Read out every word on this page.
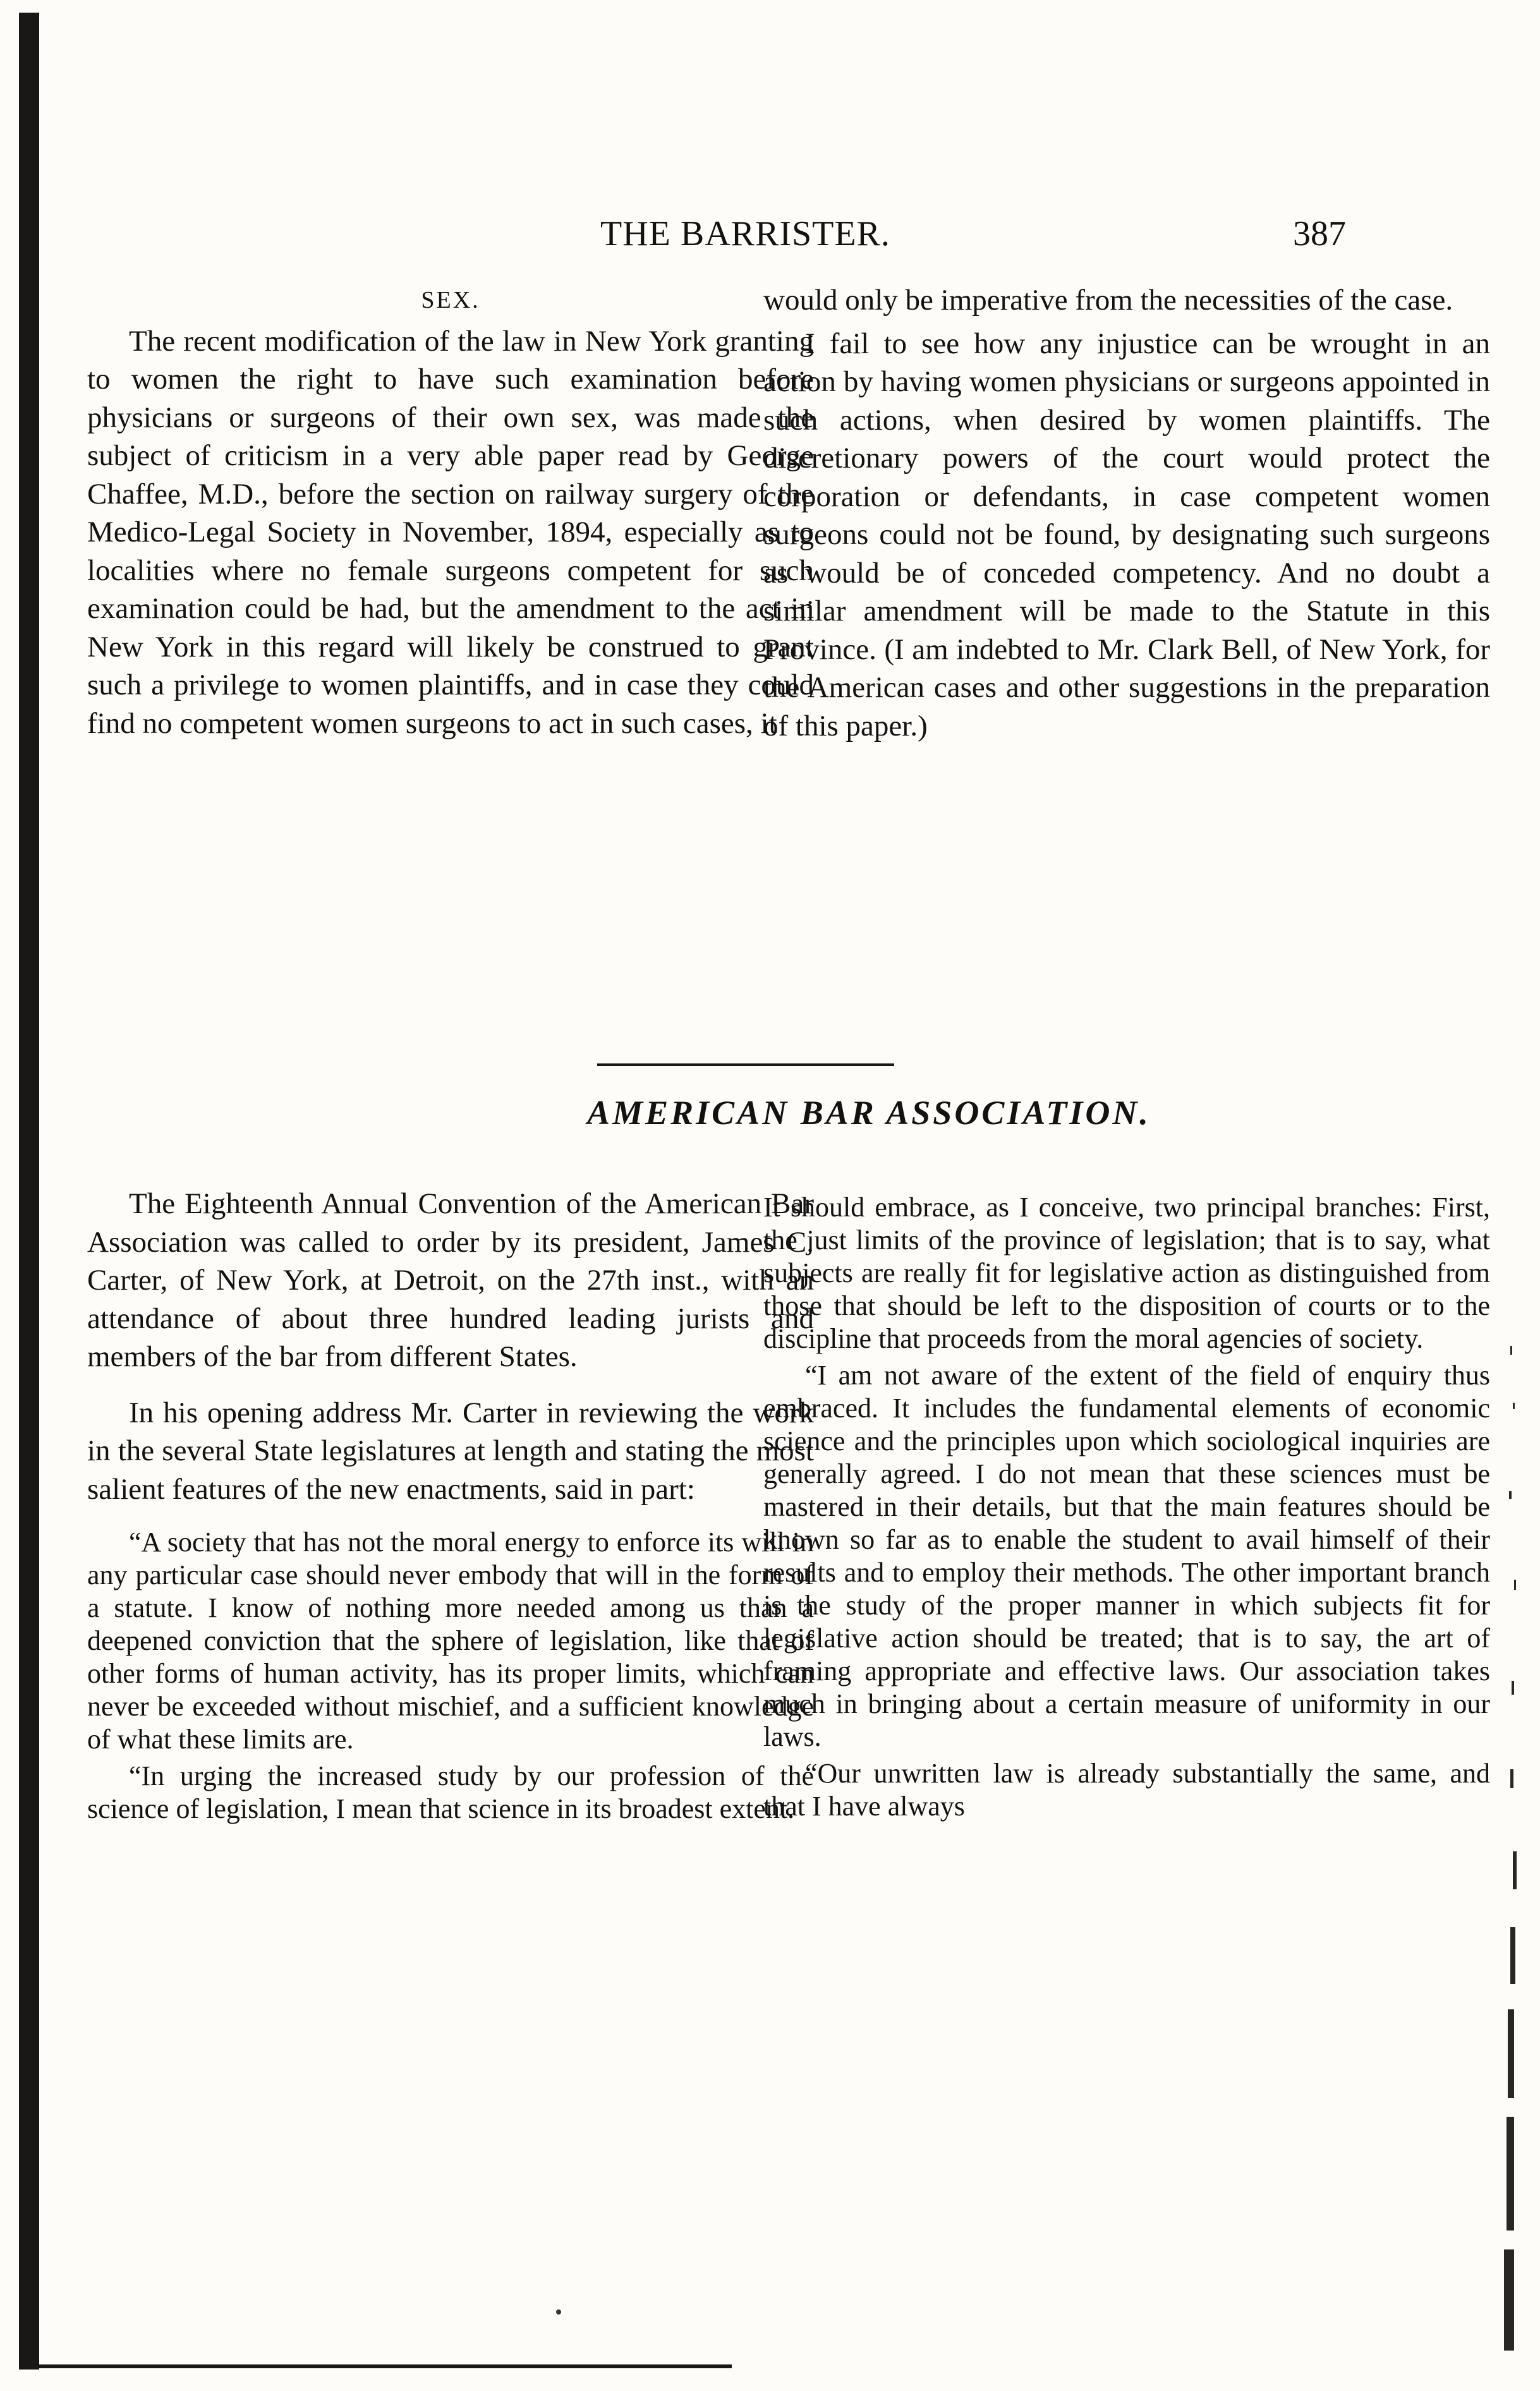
THE BARRISTER.	387

SEX.

The recent modification of the law in New York granting to women the right to have such examination before physicians or surgeons of their own sex, was made the subject of criticism in a very able paper read by George Chaffee, M.D., before the section on railway surgery of the Medico-Legal Society in November, 1894, especially as to localities where no female surgeons competent for such examination could be had, but the amendment to the act in New York in this regard will likely be construed to grant such a privilege to women plaintiffs, and in case they could find no competent women surgeons to act in such cases, it

would only be imperative from the necessities of the case.

I fail to see how any injustice can be wrought in an action by having women physicians or surgeons appointed in such actions, when desired by women plaintiffs. The discretionary powers of the court would protect the corporation or defendants, in case competent women surgeons could not be found, by designating such surgeons as would be of conceded competency. And no doubt a similar amendment will be made to the Statute in this Province. (I am indebted to Mr. Clark Bell, of New York, for the American cases and other suggestions in the preparation of this paper.)

AMERICAN BAR ASSOCIATION.

The Eighteenth Annual Convention of the American Bar Association was called to order by its president, James C. Carter, of New York, at Detroit, on the 27th inst., with an attendance of about three hundred leading jurists and members of the bar from different States.

In his opening address Mr. Carter in reviewing the work in the several State legislatures at length and stating the most salient features of the new enactments, said in part:

“A society that has not the moral energy to enforce its will in any particular case should never embody that will in the form of a statute. I know of nothing more needed among us than a deepened conviction that the sphere of legislation, like that of other forms of human activity, has its proper limits, which can never be exceeded without mischief, and a sufficient knowledge of what these limits are.

“In urging the increased study by our profession of the science of legislation, I mean that science in its broadest extent.

It should embrace, as I conceive, two principal branches: First, the just limits of the province of legislation; that is to say, what subjects are really fit for legislative action as distinguished from those that should be left to the disposition of courts or to the discipline that proceeds from the moral agencies of society.

“I am not aware of the extent of the field of enquiry thus embraced. It includes the fundamental elements of economic science and the principles upon which sociological inquiries are generally agreed. I do not mean that these sciences must be mastered in their details, but that the main features should be known so far as to enable the student to avail himself of their results and to employ their methods. The other important branch is the study of the proper manner in which subjects fit for legislative action should be treated; that is to say, the art of framing appropriate and effective laws. Our association takes much in bringing about a certain measure of uniformity in our laws.

“Our unwritten law is already substantially the same, and that I have always
